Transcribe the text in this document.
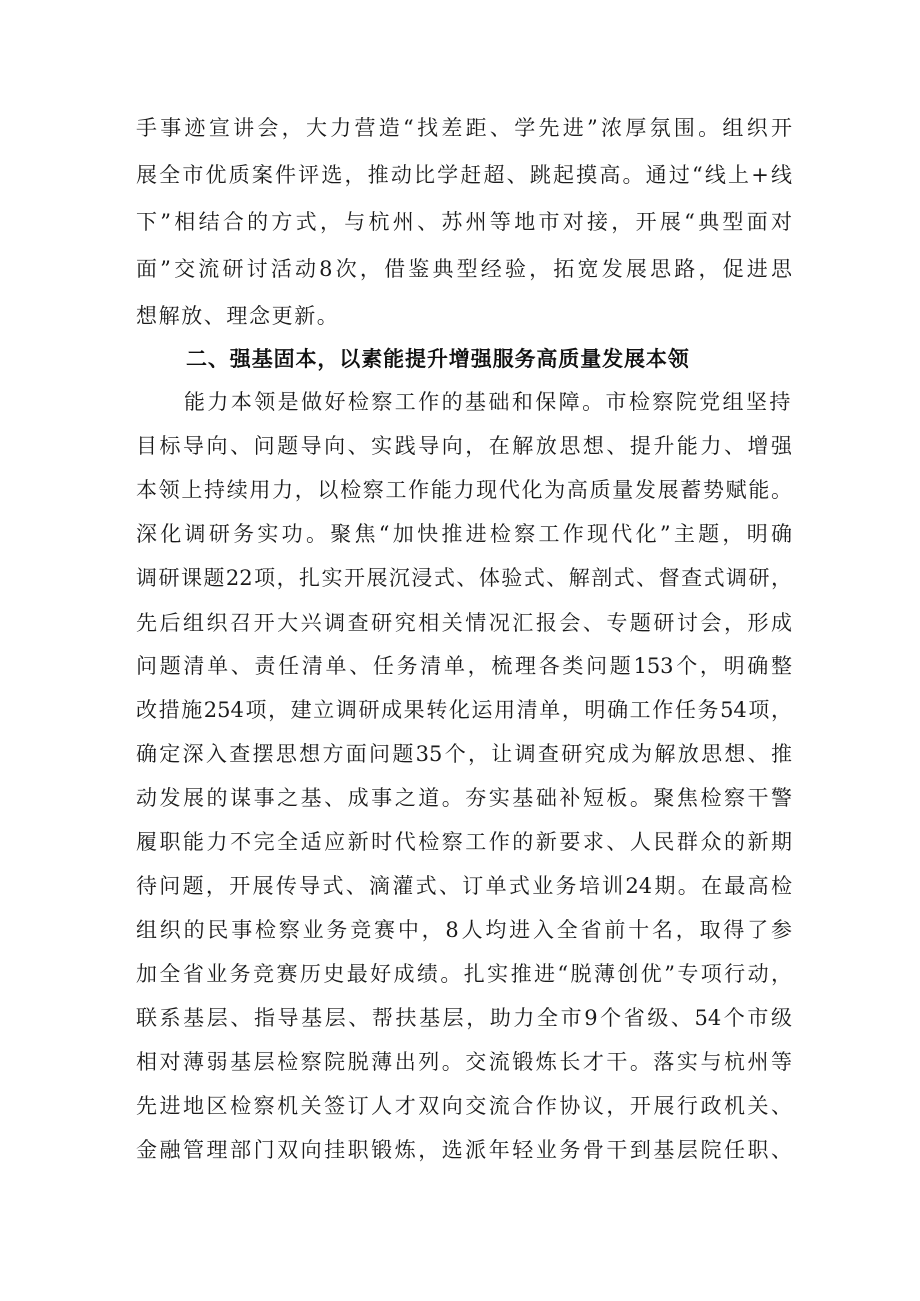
手事迹宣讲会，大力营造“找差距、学先进”浓厚氛围。组织开
展全市优质案件评选，推动比学赶超、跳起摸高。通过“线上+线
下”相结合的方式，与杭州、苏州等地市对接，开展“典型面对
面”交流研讨活动8次，借鉴典型经验，拓宽发展思路，促进思
想解放、理念更新。
二、强基固本，以素能提升增强服务高质量发展本领
能力本领是做好检察工作的基础和保障。市检察院党组坚持
目标导向、问题导向、实践导向，在解放思想、提升能力、增强
本领上持续用力，以检察工作能力现代化为高质量发展蓄势赋能。
深化调研务实功。聚焦“加快推进检察工作现代化”主题，明确
调研课题22项，扎实开展沉浸式、体验式、解剖式、督查式调研，
先后组织召开大兴调查研究相关情况汇报会、专题研讨会，形成
问题清单、责任清单、任务清单，梳理各类问题153个，明确整
改措施254项，建立调研成果转化运用清单，明确工作任务54项，
确定深入查摆思想方面问题35个，让调查研究成为解放思想、推
动发展的谋事之基、成事之道。夯实基础补短板。聚焦检察干警
履职能力不完全适应新时代检察工作的新要求、人民群众的新期
待问题，开展传导式、滴灌式、订单式业务培训24期。在最高检
组织的民事检察业务竞赛中，8人均进入全省前十名，取得了参
加全省业务竞赛历史最好成绩。扎实推进“脱薄创优”专项行动，
联系基层、指导基层、帮扶基层，助力全市9个省级、54个市级
相对薄弱基层检察院脱薄出列。交流锻炼长才干。落实与杭州等
先进地区检察机关签订人才双向交流合作协议，开展行政机关、
金融管理部门双向挂职锻炼，选派年轻业务骨干到基层院任职、
